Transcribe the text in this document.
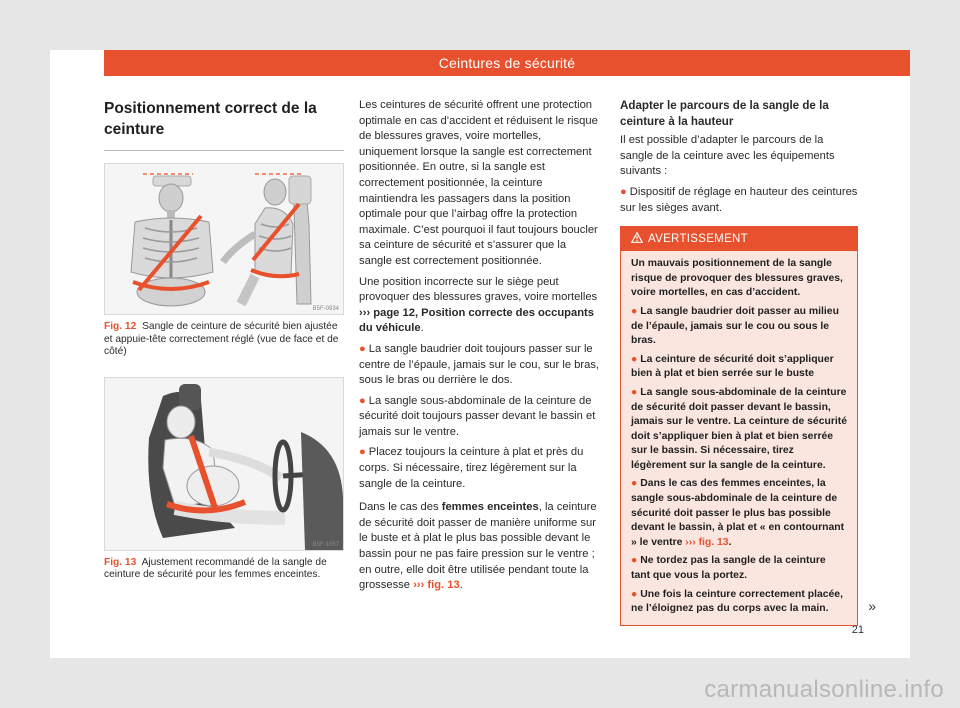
Ceintures de sécurité
Positionnement correct de la ceinture
B5F-0934
Fig. 12 Sangle de ceinture de sécurité bien ajustée et appuie-tête correctement réglé (vue de face et de côté)
B5F-1057
Fig. 13 Ajustement recommandé de la sangle de ceinture de sécurité pour les femmes enceintes.

Les ceintures de sécurité offrent une protection optimale en cas d’accident et réduisent le risque de blessures graves, voire mortelles, uniquement lorsque la sangle est correctement positionnée. En outre, si la sangle est correctement positionnée, la ceinture maintiendra les passagers dans la position optimale pour que l’airbag offre la protection maximale. C’est pourquoi il faut toujours boucler sa ceinture de sécurité et s’assurer que la sangle est correctement positionnée.

Une position incorrecte sur le siège peut provoquer des blessures graves, voire mortelles ››› page 12, Position correcte des occupants du véhicule.

● La sangle baudrier doit toujours passer sur le centre de l’épaule, jamais sur le cou, sur le bras, sous le bras ou derrière le dos.

● La sangle sous-abdominale de la ceinture de sécurité doit toujours passer devant le bassin et jamais sur le ventre.

● Placez toujours la ceinture à plat et près du corps. Si nécessaire, tirez légèrement sur la sangle de la ceinture.

Dans le cas des femmes enceintes, la ceinture de sécurité doit passer de manière uniforme sur le buste et à plat le plus bas possible devant le bassin pour ne pas faire pression sur le ventre ; en outre, elle doit être utilisée pendant toute la grossesse ››› fig. 13.

Adapter le parcours de la sangle de la ceinture à la hauteur

Il est possible d’adapter le parcours de la sangle de la ceinture avec les équipements suivants :

● Dispositif de réglage en hauteur des ceintures sur les sièges avant.

AVERTISSEMENT
Un mauvais positionnement de la sangle risque de provoquer des blessures graves, voire mortelles, en cas d’accident.
● La sangle baudrier doit passer au milieu de l’épaule, jamais sur le cou ou sous le bras.
● La ceinture de sécurité doit s’appliquer bien à plat et bien serrée sur le buste
● La sangle sous-abdominale de la ceinture de sécurité doit passer devant le bassin, jamais sur le ventre. La ceinture de sécurité doit s’appliquer bien à plat et bien serrée sur le bassin. Si nécessaire, tirez légèrement sur la sangle de la ceinture.
● Dans le cas des femmes enceintes, la sangle sous-abdominale de la ceinture de sécurité doit passer le plus bas possible devant le bassin, à plat et « en contournant » le ventre ››› fig. 13.
● Ne tordez pas la sangle de la ceinture tant que vous la portez.
● Une fois la ceinture correctement placée, ne l’éloignez pas du corps avec la main.	»
21
carmanualsonline.info
